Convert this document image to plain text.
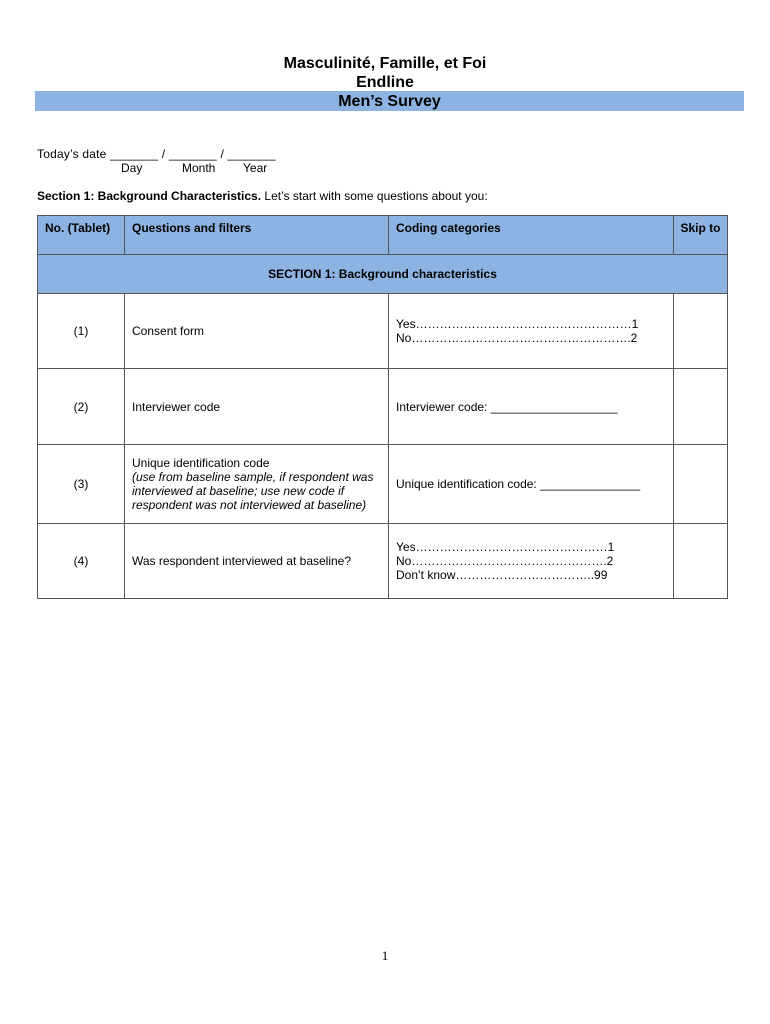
Masculinité, Famille, et Foi
Endline
Men’s Survey
Today’s date _______ / _______ / _______
Day	Month Year
Section 1: Background Characteristics. Let’s start with some questions about you:
No. (Tablet)	Questions and filters	Coding categories	Skip to
SECTION 1: Background characteristics			
(1)	Consent form	Yes………………………………………………1
No……………………………………………….2	

(2)	Interviewer code	Interviewer code: ___________________	

(3)	Unique identification code
(use from baseline sample, if respondent was interviewed at baseline; use new code if respondent was not interviewed at baseline)	Unique identification code: _______________	

(4)	Was respondent interviewed at baseline?	Yes…………………………………………1
No………………………………………….2
Don’t know……………………………..99	

1
